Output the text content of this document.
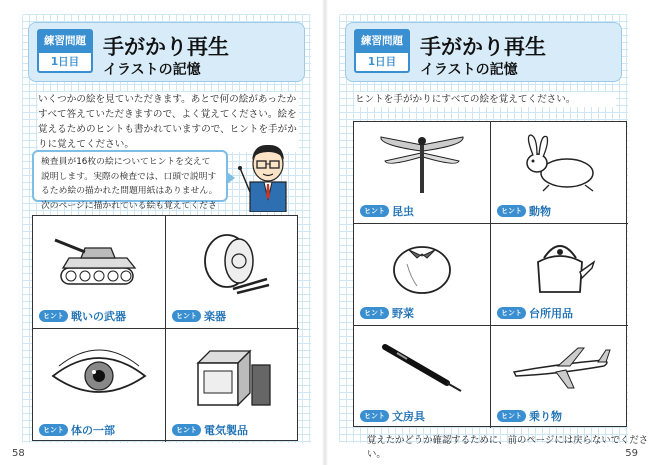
練習問題
1日目
手がかり再生
イラストの記憶
いくつかの絵を見ていただきます。あとで何の絵があったかすべて答えていただきますので、よく覚えてください。絵を覚えるためのヒントも書かれていますので、ヒントを手がかりに覚えてください。
検査員が16枚の絵についてヒントを交えて説明します。実際の検査では、口頭で説明するため絵の描かれた問題用紙はありません。次のページに描かれている絵も覚えてくださ
ヒント 戦いの武器	ヒント 楽器
ヒント 体の一部	ヒント 電気製品
58
練習問題
1日目
手がかり再生
イラストの記憶
ヒントを手がかりにすべての絵を覚えてください。
ヒント 昆虫	ヒント 動物
ヒント 野菜	ヒント 台所用品
ヒント 文房具	ヒント 乗り物
覚えたかどうか確認するために、前のページには戻らないでください。	59
